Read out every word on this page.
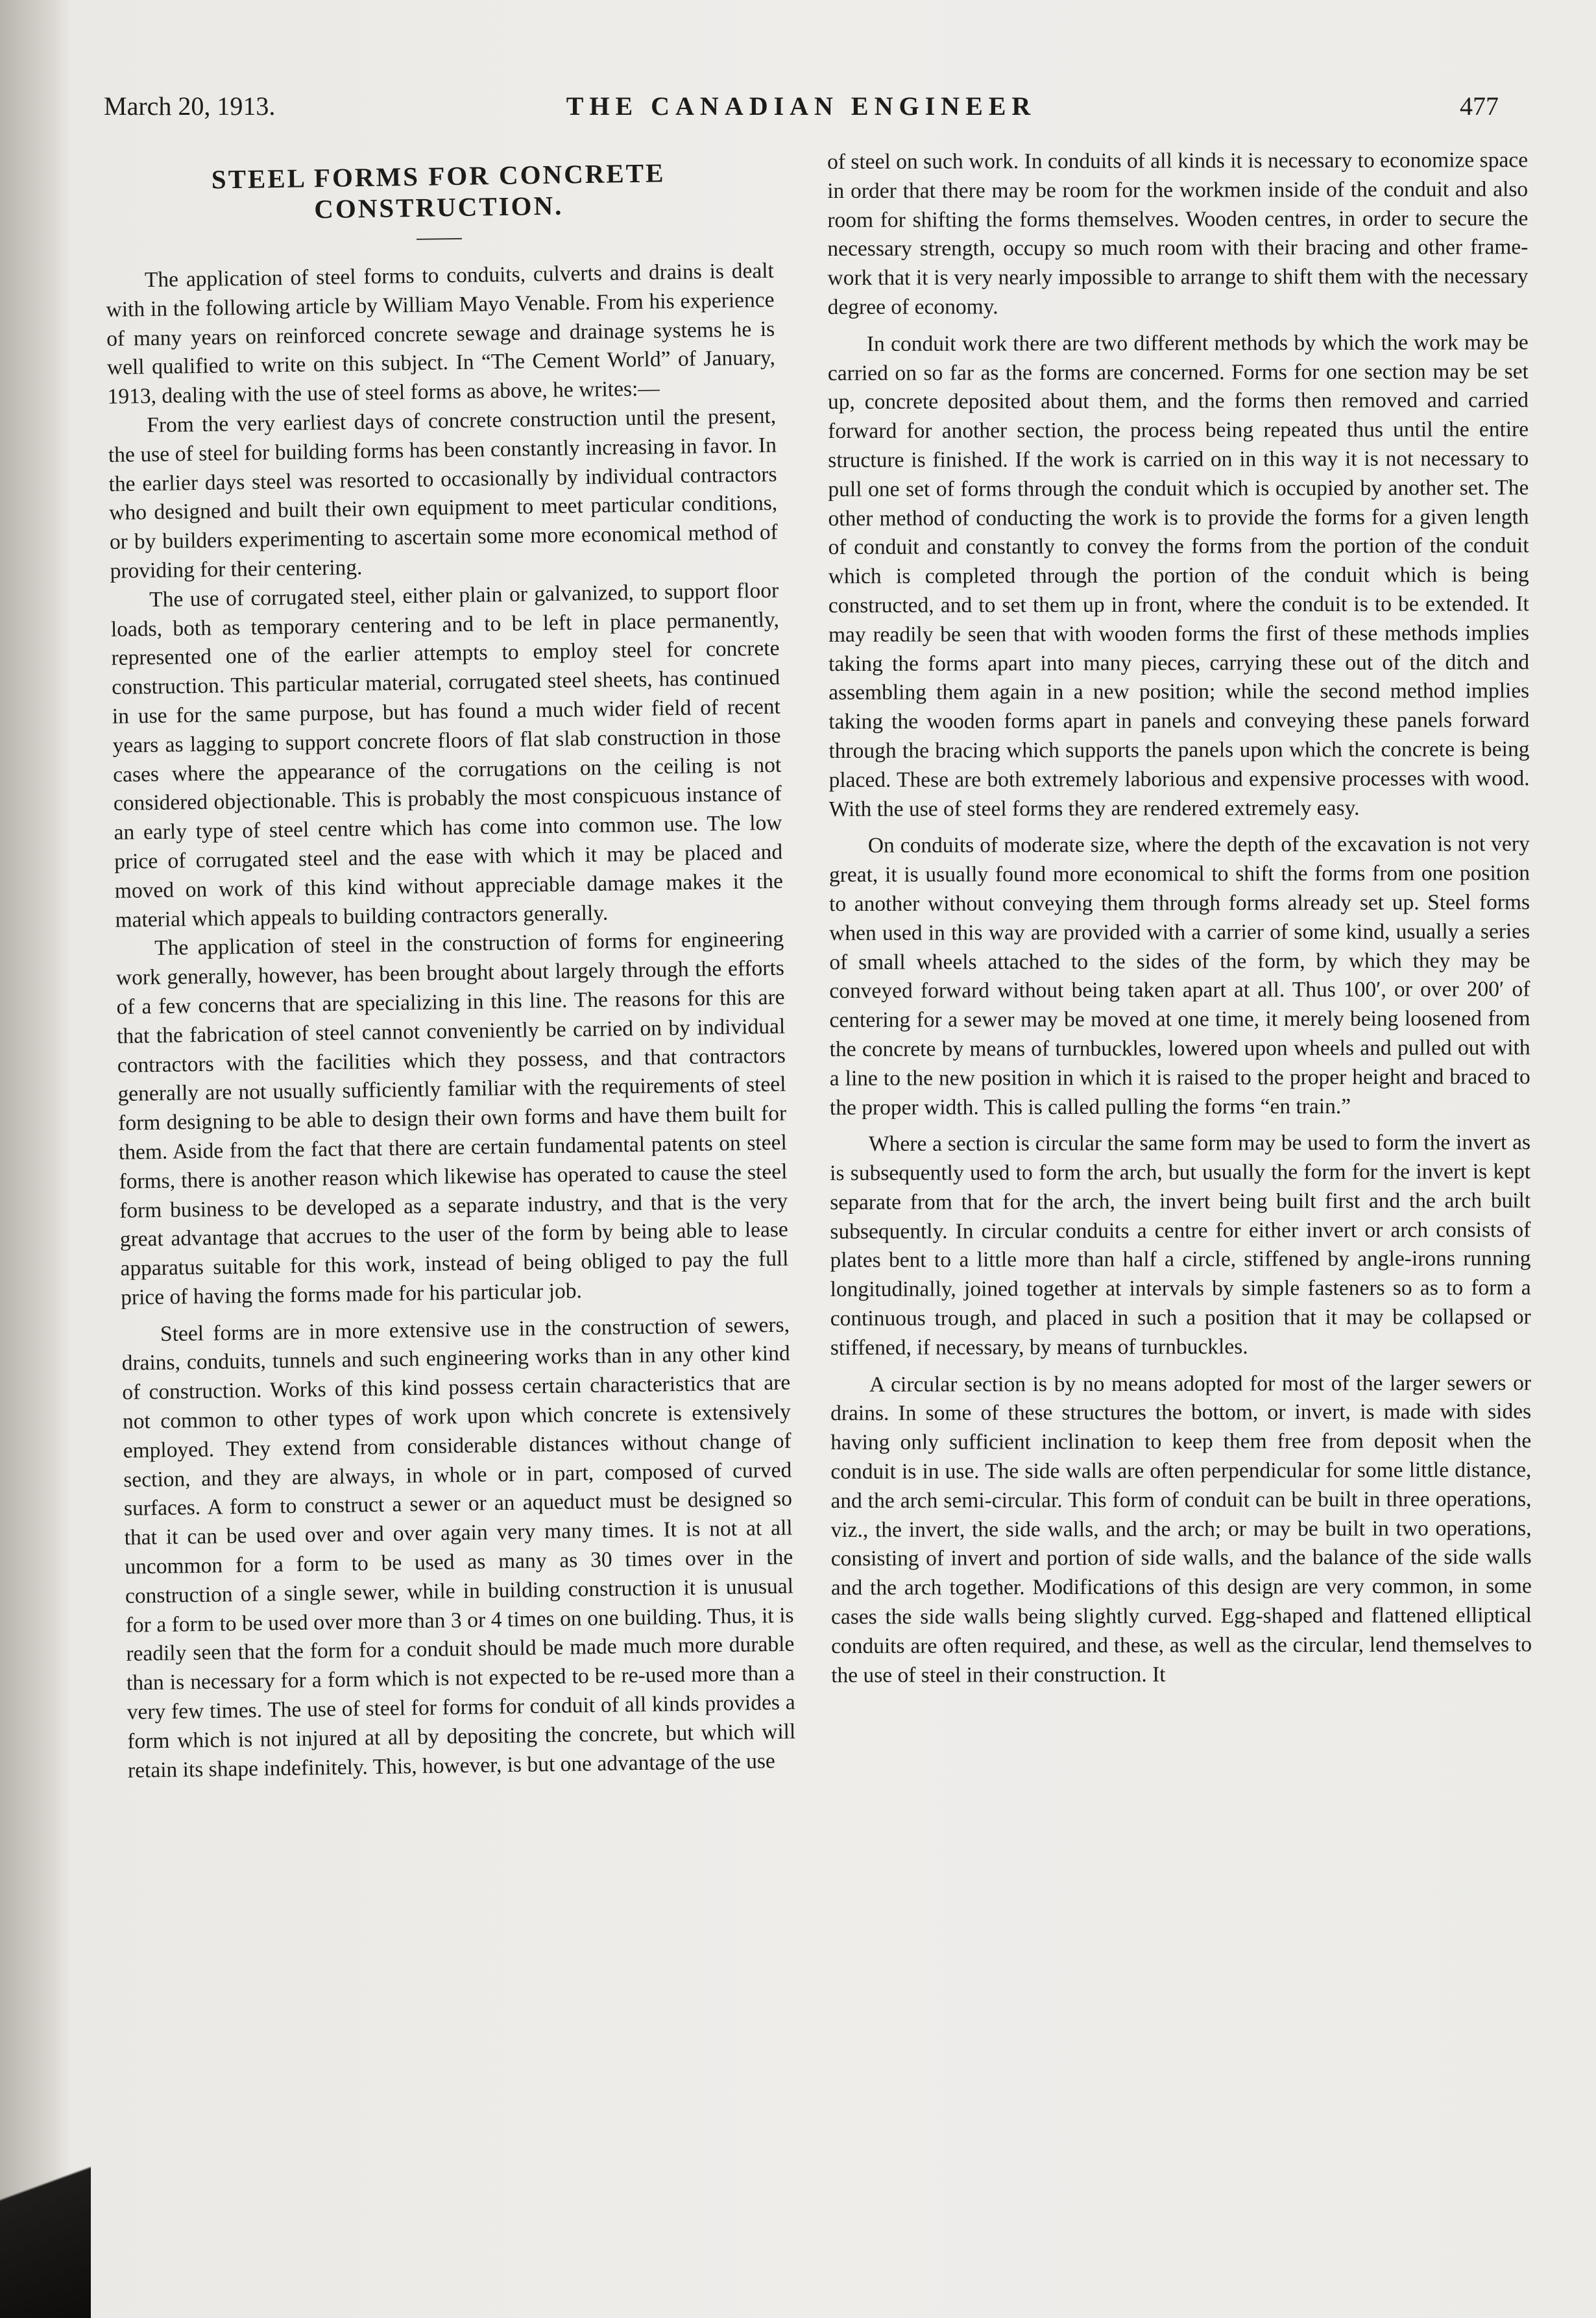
March 20, 1913.	THE CANADIAN ENGINEER	477
STEEL FORMS FOR CONCRETE
CONSTRUCTION.

The application of steel forms to conduits, culverts and drains is dealt with in the following article by William Mayo Venable. From his experience of many years on reinforced concrete sewage and drainage systems he is well qualified to write on this subject. In “The Cement World” of January, 1913, dealing with the use of steel forms as above, he writes:—

From the very earliest days of concrete construction until the present, the use of steel for building forms has been constantly increasing in favor. In the earlier days steel was resorted to occasionally by individual contractors who designed and built their own equipment to meet particular conditions, or by builders experimenting to ascertain some more economical method of providing for their centering.

The use of corrugated steel, either plain or galvanized, to support floor loads, both as temporary centering and to be left in place permanently, represented one of the earlier attempts to employ steel for concrete construction. This particular material, corrugated steel sheets, has continued in use for the same purpose, but has found a much wider field of recent years as lagging to support concrete floors of flat slab construction in those cases where the appearance of the corrugations on the ceiling is not considered objectionable. This is probably the most conspicuous instance of an early type of steel centre which has come into common use. The low price of corrugated steel and the ease with which it may be placed and moved on work of this kind without appreciable damage makes it the material which appeals to building contractors generally.

The application of steel in the construction of forms for engineering work generally, however, has been brought about largely through the efforts of a few concerns that are specializing in this line. The reasons for this are that the fabrication of steel cannot conveniently be carried on by individual contractors with the facilities which they possess, and that contractors generally are not usually sufficiently familiar with the requirements of steel form designing to be able to design their own forms and have them built for them. Aside from the fact that there are certain fundamental patents on steel forms, there is another reason which likewise has operated to cause the steel form business to be developed as a separate industry, and that is the very great advantage that accrues to the user of the form by being able to lease apparatus suitable for this work, instead of being obliged to pay the full price of having the forms made for his particular job.

Steel forms are in more extensive use in the construction of sewers, drains, conduits, tunnels and such engineering works than in any other kind of construction. Works of this kind possess certain characteristics that are not common to other types of work upon which concrete is extensively employed. They extend from considerable distances without change of section, and they are always, in whole or in part, composed of curved surfaces. A form to construct a sewer or an aqueduct must be designed so that it can be used over and over again very many times. It is not at all uncommon for a form to be used as many as 30 times over in the construction of a single sewer, while in building construction it is unusual for a form to be used over more than 3 or 4 times on one building. Thus, it is readily seen that the form for a conduit should be made much more durable than is necessary for a form which is not expected to be re-used more than a very few times. The use of steel for forms for conduit of all kinds provides a form which is not injured at all by depositing the concrete, but which will retain its shape indefinitely. This, however, is but one advantage of the use

of steel on such work. In conduits of all kinds it is necessary to economize space in order that there may be room for the workmen inside of the conduit and also room for shifting the forms themselves. Wooden centres, in order to secure the necessary strength, occupy so much room with their bracing and other frame-work that it is very nearly impossible to arrange to shift them with the necessary degree of economy.

In conduit work there are two different methods by which the work may be carried on so far as the forms are concerned. Forms for one section may be set up, concrete deposited about them, and the forms then removed and carried forward for another section, the process being repeated thus until the entire structure is finished. If the work is carried on in this way it is not necessary to pull one set of forms through the conduit which is occupied by another set. The other method of conducting the work is to provide the forms for a given length of conduit and constantly to convey the forms from the portion of the conduit which is completed through the portion of the conduit which is being constructed, and to set them up in front, where the conduit is to be extended. It may readily be seen that with wooden forms the first of these methods implies taking the forms apart into many pieces, carrying these out of the ditch and assembling them again in a new position; while the second method implies taking the wooden forms apart in panels and conveying these panels forward through the bracing which supports the panels upon which the concrete is being placed. These are both extremely laborious and expensive processes with wood. With the use of steel forms they are rendered extremely easy.

On conduits of moderate size, where the depth of the excavation is not very great, it is usually found more economical to shift the forms from one position to another without conveying them through forms already set up. Steel forms when used in this way are provided with a carrier of some kind, usually a series of small wheels attached to the sides of the form, by which they may be conveyed forward without being taken apart at all. Thus 100′, or over 200′ of centering for a sewer may be moved at one time, it merely being loosened from the concrete by means of turnbuckles, lowered upon wheels and pulled out with a line to the new position in which it is raised to the proper height and braced to the proper width. This is called pulling the forms “en train.”

Where a section is circular the same form may be used to form the invert as is subsequently used to form the arch, but usually the form for the invert is kept separate from that for the arch, the invert being built first and the arch built subsequently. In circular conduits a centre for either invert or arch consists of plates bent to a little more than half a circle, stiffened by angle-irons running longitudinally, joined together at intervals by simple fasteners so as to form a continuous trough, and placed in such a position that it may be collapsed or stiffened, if necessary, by means of turnbuckles.

A circular section is by no means adopted for most of the larger sewers or drains. In some of these structures the bottom, or invert, is made with sides having only sufficient inclination to keep them free from deposit when the conduit is in use. The side walls are often perpendicular for some little distance, and the arch semi-circular. This form of conduit can be built in three operations, viz., the invert, the side walls, and the arch; or may be built in two operations, consisting of invert and portion of side walls, and the balance of the side walls and the arch together. Modifications of this design are very common, in some cases the side walls being slightly curved. Egg-shaped and flattened elliptical conduits are often required, and these, as well as the circular, lend themselves to the use of steel in their construction. It
